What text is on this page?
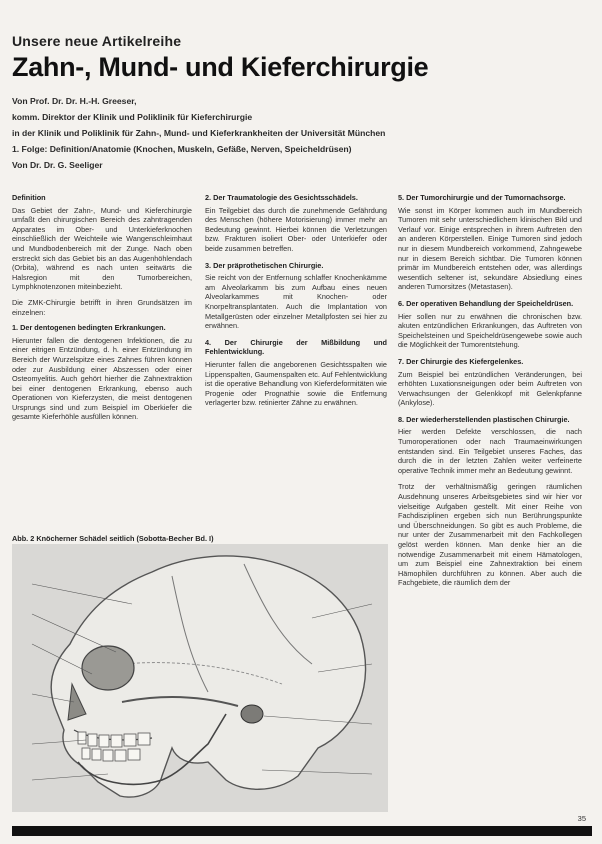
Unsere neue Artikelreihe
Zahn-, Mund- und Kieferchirurgie
Von Prof. Dr. Dr. H.-H. Greeser,
komm. Direktor der Klinik und Poliklinik für Kieferchirurgie
in der Klinik und Poliklinik für Zahn-, Mund- und Kieferkrankheiten der Universität München
1. Folge: Definition/Anatomie (Knochen, Muskeln, Gefäße, Nerven, Speicheldrüsen)
Von Dr. Dr. G. Seeliger
Definition

Das Gebiet der Zahn-, Mund- und Kieferchirurgie umfaßt den chirurgischen Bereich des zahntragenden Apparates im Ober- und Unterkieferknochen einschließlich der Weichteile wie Wangenschleimhaut und Mundbodenbereich mit der Zunge. Nach oben erstreckt sich das Gebiet bis an das Augenhöhlendach (Orbita), während es nach unten seitwärts die Halsregion mit den Tumorbereichen, Lymphknotenzonen miteinbezieht.

Die ZMK-Chirurgie betrifft in ihren Grundsätzen im einzelnen:

1. Der dentogenen bedingten Erkrankungen.

Hierunter fallen die dentogenen Infektionen, die zu einer eitrigen Entzündung, d. h. einer Entzündung im Bereich der Wurzelspitze eines Zahnes führen können oder zur Ausbildung einer Abszessen oder einer Osteomyelitis. Auch gehört hierher die Zahnextraktion bei einer dentogenen Erkrankung, ebenso auch Operationen von Kieferzysten, die meist dentogenen Ursprungs sind und zum Beispiel im Oberkiefer die gesamte Kieferhöhle ausfüllen können.

2. Der Traumatologie des Gesichtsschädels.

Ein Teilgebiet das durch die zunehmende Gefährdung des Menschen (höhere Motorisierung) immer mehr an Bedeutung gewinnt. Hierbei können die Verletzungen bzw. Frakturen isoliert Ober- oder Unterkiefer oder beide zusammen betreffen.

3. Der präprothetischen Chirurgie.

Sie reicht von der Entfernung schlaffer Knochenkämme am Alveolarkamm bis zum Aufbau eines neuen Alveolarkammes mit Knochen- oder Knorpeltransplantaten. Auch die Implantation von Metallgerüsten oder einzelner Metallpfosten sei hier zu erwähnen.

4. Der Chirurgie der Mißbildung und Fehlentwicklung.

Hierunter fallen die angeborenen Gesichtsspalten wie Lippenspalten, Gaumenspalten etc. Auf Fehlentwicklung ist die operative Behandlung von Kieferdeformitäten wie Progenie oder Prognathie sowie die Entfernung verlagerter bzw. retinierter Zähne zu erwähnen.

5. Der Tumorchirurgie und der Tumornachsorge.

Wie sonst im Körper kommen auch im Mundbereich Tumoren mit sehr unterschiedlichem klinischen Bild und Verlauf vor. Einige entsprechen in ihrem Auftreten den an anderen Körperstellen. Einige Tumoren sind jedoch nur in diesem Mundbereich vorkommend, Zahngewebe nur in diesem Bereich sichtbar. Die Tumoren können primär im Mundbereich entstehen oder, was allerdings wesentlich seltener ist, sekundäre Absiedlung eines anderen Tumorsitzes (Metastasen).

6. Der operativen Behandlung der Speicheldrüsen.

Hier sollen nur zu erwähnen die chronischen bzw. akuten entzündlichen Erkrankungen, das Auftreten von Speichelsteinen und Speicheldrüsengewebe sowie auch die Möglichkeit der Tumorentstehung.

7. Der Chirurgie des Kiefergelenkes.

Zum Beispiel bei entzündlichen Veränderungen, bei erhöhten Luxationsneigungen oder beim Auftreten von Verwachsungen der Gelenkkopf mit Gelenkpfanne (Ankylose).

8. Der wiederherstellenden plastischen Chirurgie.

Hier werden Defekte verschlossen, die nach Tumoroperationen oder nach Traumaeinwirkungen entstanden sind. Ein Teilgebiet unseres Faches, das durch die in der letzten Zahlen weiter verfeinerte operative Technik immer mehr an Bedeutung gewinnt.

Trotz der verhältnismäßig geringen räumlichen Ausdehnung unseres Arbeitsgebietes sind wir hier vor vielseitige Aufgaben gestellt. Mit einer Reihe von Fachdisziplinen ergeben sich nun Berührungspunkte und Überschneidungen. So gibt es auch Probleme, die nur unter der Zusammenarbeit mit den Fachkollegen gelöst werden können. Man denke hier an die notwendige Zusammenarbeit mit einem Hämatologen, um zum Beispiel eine Zahnextraktion bei einem Hämophilen durchführen zu können. Aber auch die Fachgebiete, die räumlich dem der

Abb. 2 Knöcherner Schädel seitlich (Sobotta-Becher Bd. I)
35
